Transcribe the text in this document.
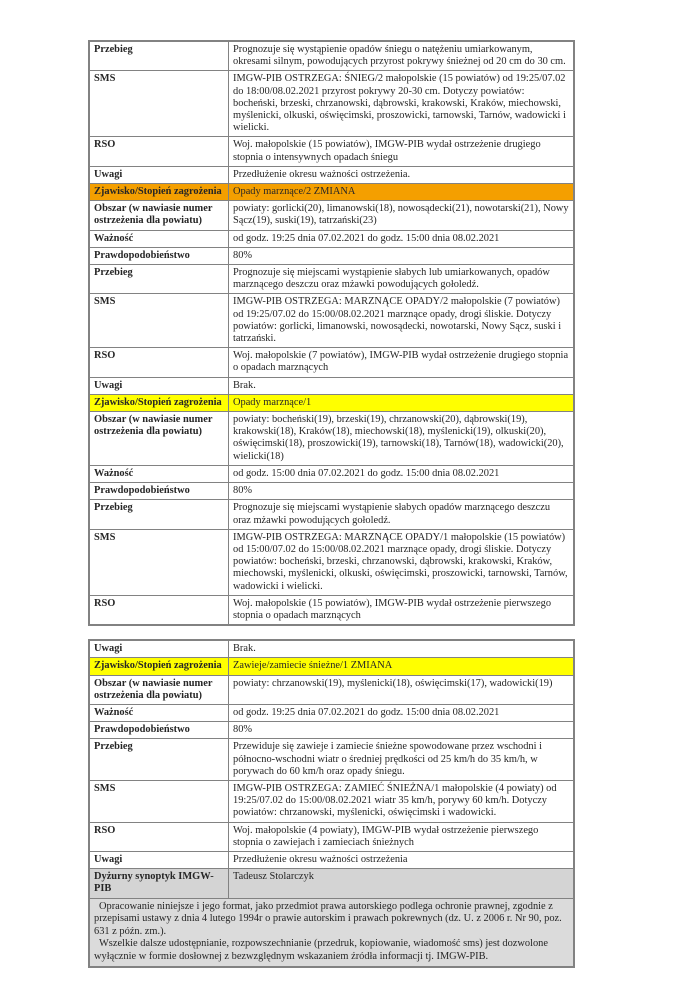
Przebieg	Prognozuje się wystąpienie opadów śniegu o natężeniu umiarkowanym, okresami silnym, powodujących przyrost pokrywy śnieżnej od 20 cm do 30 cm.
SMS	IMGW-PIB OSTRZEGA: ŚNIEG/2 małopolskie (15 powiatów) od 19:25/07.02 do 18:00/08.02.2021 przyrost pokrywy 20-30 cm. Dotyczy powiatów: bocheński, brzeski, chrzanowski, dąbrowski, krakowski, Kraków, miechowski, myślenicki, olkuski, oświęcimski, proszowicki, tarnowski, Tarnów, wadowicki i wielicki.
RSO	Woj. małopolskie (15 powiatów), IMGW-PIB wydał ostrzeżenie drugiego stopnia o intensywnych opadach śniegu
Uwagi	Przedłużenie okresu ważności ostrzeżenia.
Zjawisko/Stopień zagrożenia	Opady marznące/2 ZMIANA
Obszar (w nawiasie numer ostrzeżenia dla powiatu)	powiaty: gorlicki(20), limanowski(18), nowosądecki(21), nowotarski(21), Nowy Sącz(19), suski(19), tatrzański(23)
Ważność	od godz. 19:25 dnia 07.02.2021 do godz. 15:00 dnia 08.02.2021
Prawdopodobieństwo	80%
Przebieg	Prognozuje się miejscami wystąpienie słabych lub umiarkowanych, opadów marznącego deszczu oraz mżawki powodujących gołoledź.
SMS	IMGW-PIB OSTRZEGA: MARZNĄCE OPADY/2 małopolskie (7 powiatów) od 19:25/07.02 do 15:00/08.02.2021 marznące opady, drogi śliskie. Dotyczy powiatów: gorlicki, limanowski, nowosądecki, nowotarski, Nowy Sącz, suski i tatrzański.
RSO	Woj. małopolskie (7 powiatów), IMGW-PIB wydał ostrzeżenie drugiego stopnia o opadach marznących
Uwagi	Brak.
Zjawisko/Stopień zagrożenia	Opady marznące/1
Obszar (w nawiasie numer ostrzeżenia dla powiatu)	powiaty: bocheński(19), brzeski(19), chrzanowski(20), dąbrowski(19), krakowski(18), Kraków(18), miechowski(18), myślenicki(19), olkuski(20), oświęcimski(18), proszowicki(19), tarnowski(18), Tarnów(18), wadowicki(20), wielicki(18)
Ważność	od godz. 15:00 dnia 07.02.2021 do godz. 15:00 dnia 08.02.2021
Prawdopodobieństwo	80%
Przebieg	Prognozuje się miejscami wystąpienie słabych opadów marznącego deszczu oraz mżawki powodujących gołoledź.
SMS	IMGW-PIB OSTRZEGA: MARZNĄCE OPADY/1 małopolskie (15 powiatów) od 15:00/07.02 do 15:00/08.02.2021 marznące opady, drogi śliskie. Dotyczy powiatów: bocheński, brzeski, chrzanowski, dąbrowski, krakowski, Kraków, miechowski, myślenicki, olkuski, oświęcimski, proszowicki, tarnowski, Tarnów, wadowicki i wielicki.
RSO	Woj. małopolskie (15 powiatów), IMGW-PIB wydał ostrzeżenie pierwszego stopnia o opadach marznących
Uwagi	Brak.
Zjawisko/Stopień zagrożenia	Zawieje/zamiecie śnieżne/1 ZMIANA
Obszar (w nawiasie numer ostrzeżenia dla powiatu)	powiaty: chrzanowski(19), myślenicki(18), oświęcimski(17), wadowicki(19)
Ważność	od godz. 19:25 dnia 07.02.2021 do godz. 15:00 dnia 08.02.2021
Prawdopodobieństwo	80%
Przebieg	Przewiduje się zawieje i zamiecie śnieżne spowodowane przez wschodni i północno-wschodni wiatr o średniej prędkości od 25 km/h do 35 km/h, w porywach do 60 km/h oraz opady śniegu.
SMS	IMGW-PIB OSTRZEGA: ZAMIEĆ ŚNIEŻNA/1 małopolskie (4 powiaty) od 19:25/07.02 do 15:00/08.02.2021 wiatr 35 km/h, porywy 60 km/h. Dotyczy powiatów: chrzanowski, myślenicki, oświęcimski i wadowicki.
RSO	Woj. małopolskie (4 powiaty), IMGW-PIB wydał ostrzeżenie pierwszego stopnia o zawiejach i zamieciach śnieżnych
Uwagi	Przedłużenie okresu ważności ostrzeżenia
Dyżurny synoptyk IMGW-PIB	Tadeusz Stolarczyk

Opracowanie niniejsze i jego format, jako przedmiot prawa autorskiego podlega ochronie prawnej, zgodnie z przepisami ustawy z dnia 4 lutego 1994r o prawie autorskim i prawach pokrewnych (dz. U. z 2006 r. Nr 90, poz. 631 z późn. zm.).

Wszelkie dalsze udostępnianie, rozpowszechnianie (przedruk, kopiowanie, wiadomość sms) jest dozwolone wyłącznie w formie dosłownej z bezwzględnym wskazaniem źródła informacji tj. IMGW-PIB.	
